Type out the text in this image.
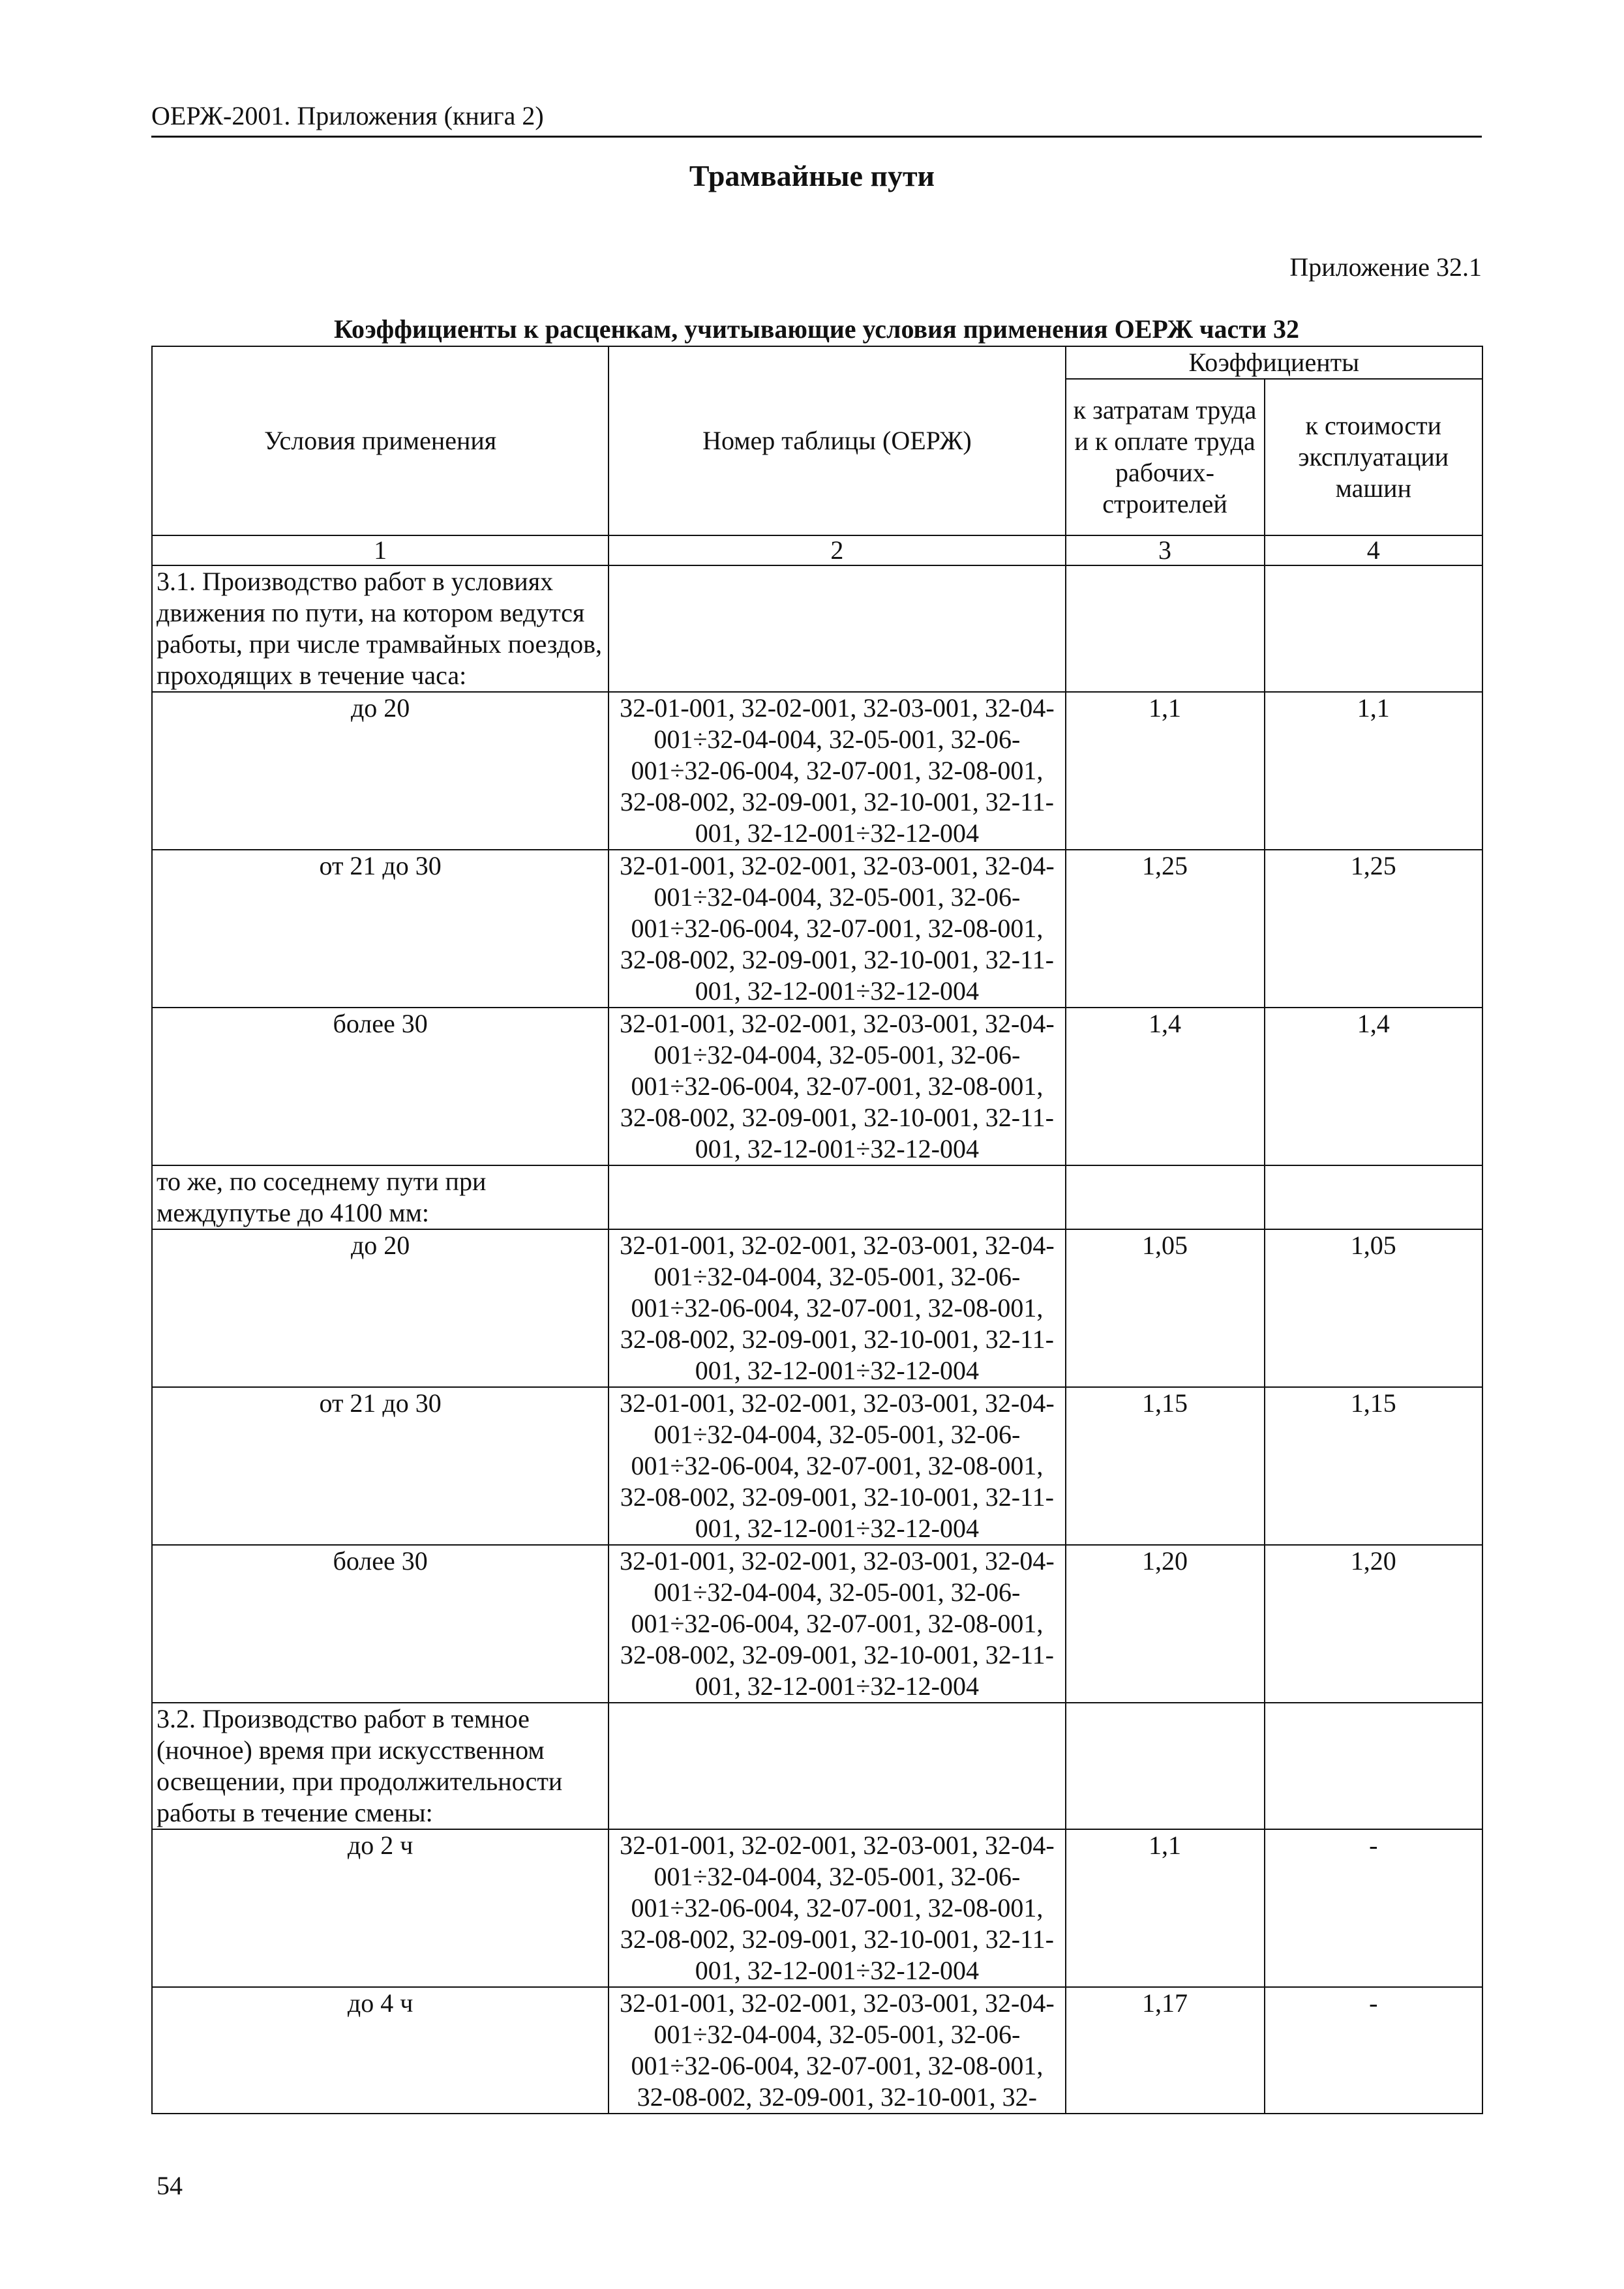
ОЕРЖ-2001. Приложения (книга 2)
Трамвайные пути
Приложение 32.1
Коэффициенты к расценкам, учитывающие условия применения ОЕРЖ части 32
Условия применения	Номер таблицы (ОЕРЖ)	Коэффициенты	
		к затратам труда и к оплате труда рабочих-строителей	к стоимости эксплуатации машин
1	2	3	4
3.1. Производство работ в условиях движения по пути, на котором ведутся работы, при числе трамвайных поездов, проходящих в течение часа:			
до 20	32-01-001, 32-02-001, 32-03-001, 32-04-001÷32-04-004, 32-05-001, 32-06-001÷32-06-004, 32-07-001, 32-08-001, 32-08-002, 32-09-001, 32-10-001, 32-11-001, 32-12-001÷32-12-004	1,1	1,1
от 21 до 30	32-01-001, 32-02-001, 32-03-001, 32-04-001÷32-04-004, 32-05-001, 32-06-001÷32-06-004, 32-07-001, 32-08-001, 32-08-002, 32-09-001, 32-10-001, 32-11-001, 32-12-001÷32-12-004	1,25	1,25
более 30	32-01-001, 32-02-001, 32-03-001, 32-04-001÷32-04-004, 32-05-001, 32-06-001÷32-06-004, 32-07-001, 32-08-001, 32-08-002, 32-09-001, 32-10-001, 32-11-001, 32-12-001÷32-12-004	1,4	1,4
то же, по соседнему пути при междупутье до 4100 мм:			
до 20	32-01-001, 32-02-001, 32-03-001, 32-04-001÷32-04-004, 32-05-001, 32-06-001÷32-06-004, 32-07-001, 32-08-001, 32-08-002, 32-09-001, 32-10-001, 32-11-001, 32-12-001÷32-12-004	1,05	1,05
от 21 до 30	32-01-001, 32-02-001, 32-03-001, 32-04-001÷32-04-004, 32-05-001, 32-06-001÷32-06-004, 32-07-001, 32-08-001, 32-08-002, 32-09-001, 32-10-001, 32-11-001, 32-12-001÷32-12-004	1,15	1,15
более 30	32-01-001, 32-02-001, 32-03-001, 32-04-001÷32-04-004, 32-05-001, 32-06-001÷32-06-004, 32-07-001, 32-08-001, 32-08-002, 32-09-001, 32-10-001, 32-11-001, 32-12-001÷32-12-004	1,20	1,20
3.2. Производство работ в темное (ночное) время при искусственном освещении, при продолжительности работы в течение смены:			
до 2 ч	32-01-001, 32-02-001, 32-03-001, 32-04-001÷32-04-004, 32-05-001, 32-06-001÷32-06-004, 32-07-001, 32-08-001, 32-08-002, 32-09-001, 32-10-001, 32-11-001, 32-12-001÷32-12-004	1,1	-
до 4 ч	32-01-001, 32-02-001, 32-03-001, 32-04-001÷32-04-004, 32-05-001, 32-06-001÷32-06-004, 32-07-001, 32-08-001, 32-08-002, 32-09-001, 32-10-001, 32-	1,17	-
54
